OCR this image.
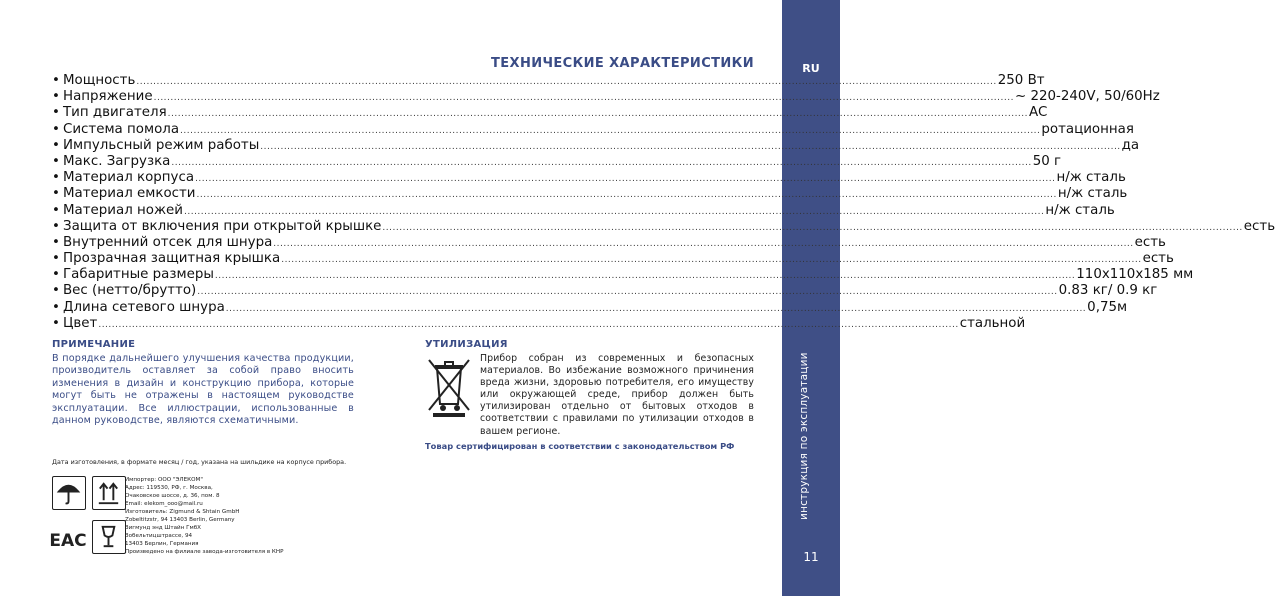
RU
инструкция по эксплуатации
11
ТЕХНИЧЕСКИЕ ХАРАКТЕРИСТИКИ
• Мощность .....	250 Вт
• Напряжение .....	~ 220-240V, 50/60Hz
• Тип двигателя .....	AC
• Система помола .....	ротационная
• Импульсный режим работы .....	да
• Макс. Загрузка .....	50 г
• Материал корпуса .....	н/ж сталь
• Материал емкости .....	н/ж сталь
• Материал ножей .....	н/ж сталь
• Защита от включения при открытой крышке .....	есть
• Внутренний отсек для шнура .....	есть
• Прозрачная защитная крышка .....	есть
• Габаритные размеры .....	110x110x185 мм
• Вес (нетто/брутто) .....	0.83 кг/ 0.9 кг
• Длина сетевого шнура .....	0,75м
• Цвет .....	стальной
ПРИМЕЧАНИЕ
В порядке дальнейшего улучшения качества продукции, производитель оставляет за собой право вносить изменения в дизайн и конструкцию прибора, которые могут быть не отражены в настоящем руководстве эксплуатации. Все иллюстрации, использованные в данном руководстве, являются схематичными.
УТИЛИЗАЦИЯ
Прибор собран из современных и безопасных материалов. Во избежание возможного причинения вреда жизни, здоровью потребителя, его имуществу или окружающей среде, прибор должен быть утилизирован отдельно от бытовых отходов в соответствии с правилами по утилизации отходов в вашем регионе.
Товар сертифицирован в соответствии с законодательством РФ
Дата изготовления, в формате месяц / год, указана на шильдике на корпусе прибора.
EAC
Импортер: ООО "ЭЛЕКОМ"
Адрес: 119530, РФ, г. Москва,
Очаковское шоссе, д. 36, пом. 8
Email: elekom_ooo@mail.ru
Изготовитель: Zigmund & Shtain GmbH
Zobeltitzstr, 94 13403 Berlin, Germany
Зигмунд энд Штайн ГмбХ
Зобельтицштрассе, 94
13403 Берлин, Германия
Произведено на филиале завода-изготовителя в КНР
